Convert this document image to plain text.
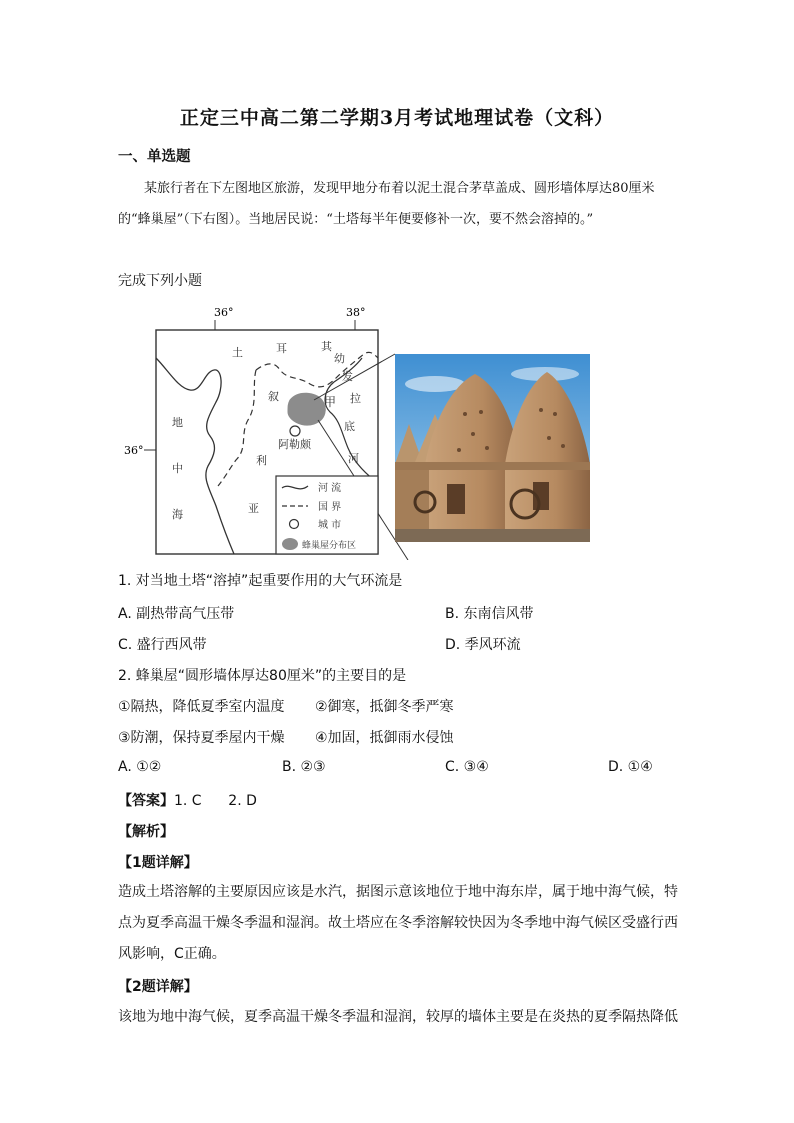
正定三中高二第二学期3月考试地理试卷（文科）
一、单选题
某旅行者在下左图地区旅游，发现甲地分布着以泥土混合茅草盖成、圆形墙体厚达80厘米的“蜂巢屋”（下右图）。当地居民说：“土塔每半年便要修补一次，要不然会溶掉的。”
完成下列小题
36°	38°
36°
土	耳	其
叙
利
亚
地
中
海
幼
发
拉
底
河
甲
阿勒颇
河 流
国 界
城 市
蜂巢屋分布区
1. 对当地土塔“溶掉”起重要作用的大气环流是
A. 副热带高气压带	B. 东南信风带
C. 盛行西风带	D. 季风环流
2. 蜂巢屋“圆形墙体厚达80厘米”的主要目的是
①隔热，降低夏季室内温度 ②御寒，抵御冬季严寒
③防潮，保持夏季屋内干燥 ④加固，抵御雨水侵蚀
A. ①②	B. ②③	C. ③④	D. ①④
【答案】1. C      2. D
【解析】
【1题详解】
造成土塔溶解的主要原因应该是水汽，据图示意该地位于地中海东岸，属于地中海气候，特点为夏季高温干燥冬季温和湿润。故土塔应在冬季溶解较快因为冬季地中海气候区受盛行西风影响，C正确。
【2题详解】
该地为地中海气候，夏季高温干燥冬季温和湿润，较厚的墙体主要是在炎热的夏季隔热降低
